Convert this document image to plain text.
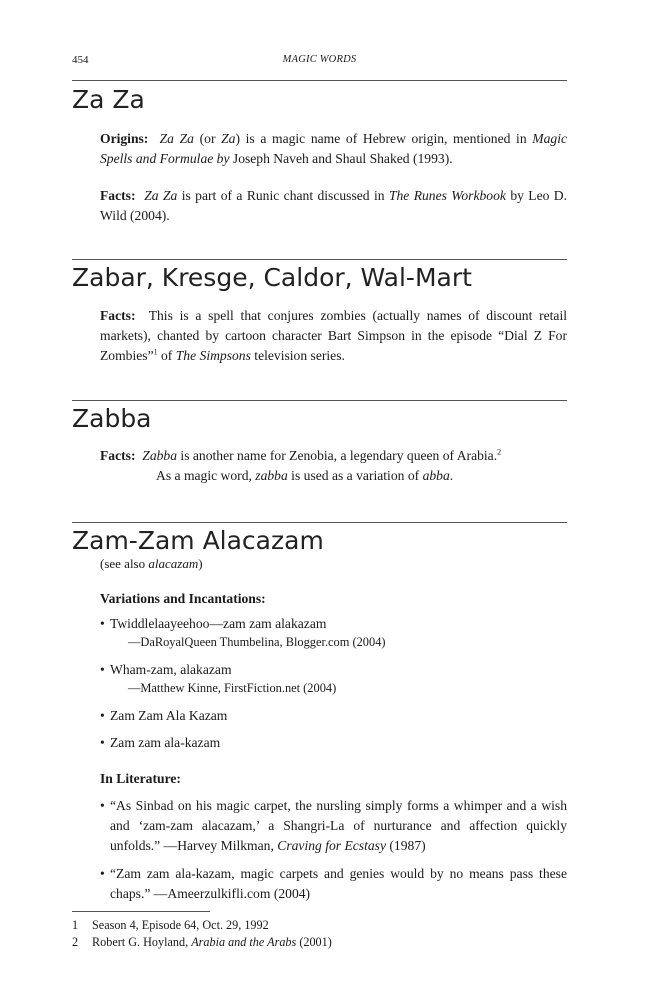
454	MAGIC WORDS
Za Za

Origins: Za Za (or Za) is a magic name of Hebrew origin, mentioned in Magic Spells and Formulae by Joseph Naveh and Shaul Shaked (1993).

Facts: Za Za is part of a Runic chant discussed in The Runes Workbook by Leo D. Wild (2004).

Zabar, Kresge, Caldor, Wal-Mart

Facts: This is a spell that conjures zombies (actually names of discount retail markets), chanted by cartoon character Bart Simpson in the episode “Dial Z For Zombies”$^1$ of The Simpsons television series.

Zabba

Facts: Zabba is another name for Zenobia, a legendary queen of Arabia.$^2$

As a magic word, zabba is used as a variation of abba.

Zam-Zam Alacazam
(see also alacazam)
Variations and Incantations:
• Twiddlelaayeehoo—zam zam alakazam
—DaRoyalQueen Thumbelina, Blogger.com (2004)
• Wham-zam, alakazam
—Matthew Kinne, FirstFiction.net (2004)
• Zam Zam Ala Kazam
• Zam zam ala-kazam
In Literature:
• “As Sinbad on his magic carpet, the nursling simply forms a whimper and a wish and ‘zam-zam alacazam,’ a Shangri-La of nurturance and affection quickly unfolds.” —Harvey Milkman, Craving for Ecstasy (1987)
• “Zam zam ala-kazam, magic carpets and genies would by no means pass these chaps.” —Ameerzulkifli.com (2004)
1 Season 4, Episode 64, Oct. 29, 1992
2 Robert G. Hoyland, Arabia and the Arabs (2001)
